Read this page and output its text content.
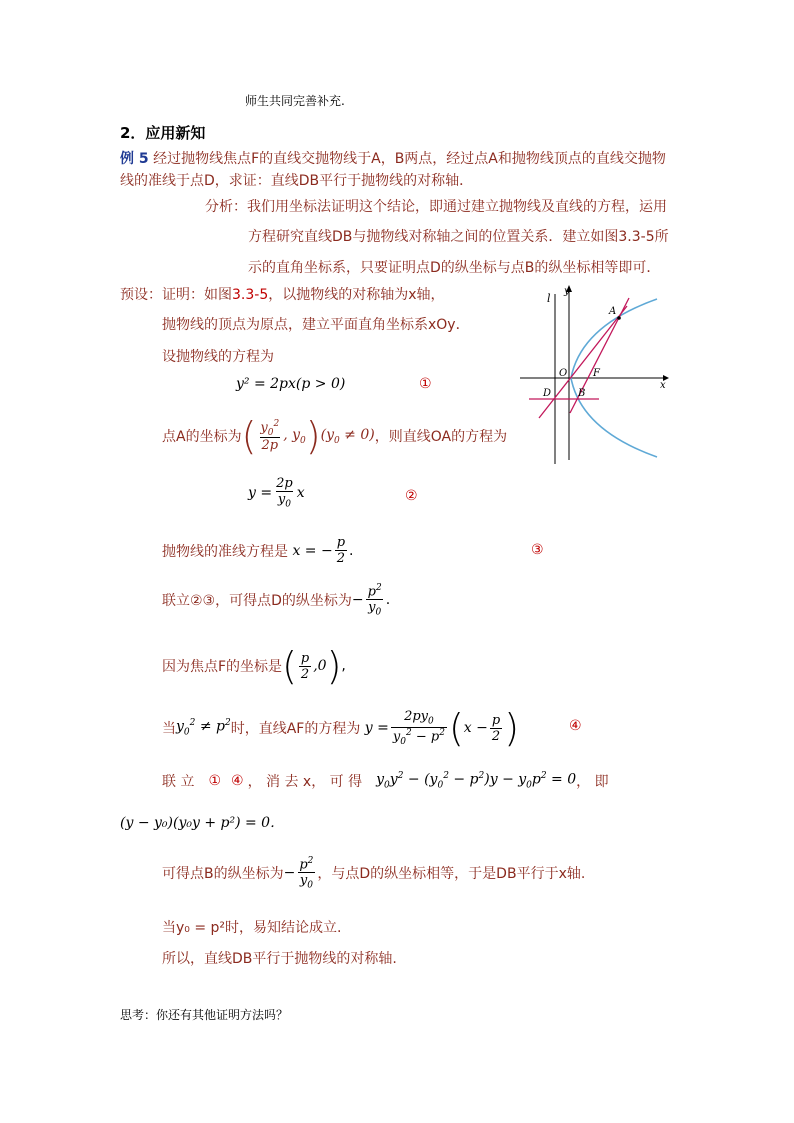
师生共同完善补充.
2．应用新知
例 5 经过抛物线焦点F的直线交抛物线于A，B两点，经过点A和抛物线顶点的直线交抛物
线的准线于点D，求证：直线DB平行于抛物线的对称轴．
分析：我们用坐标法证明这个结论，即通过建立抛物线及直线的方程，运用
方程研究直线DB与抛物线对称轴之间的位置关系．建立如图3.3-5所
示的直角坐标系，只要证明点D的纵坐标与点B的纵坐标相等即可．
预设：证明：如图3.3-5，以抛物线的对称轴为x轴，
抛物线的顶点为原点，建立平面直角坐标系xOy．
设抛物线的方程为
y² = 2px(p > 0)	①
点A的坐标为 ( $\frac{y_0^2}{2p}$ , $y_0$ ) $(y_0 \ne 0)$ ，则直线OA的方程为
$y = \frac{2p}{y_0}$ x	②
抛物线的准线方程是 x = − $\frac{p}{2}$ .	③
联立②③，可得点D的纵坐标为 − $\frac{p^2}{y_0}$ .
因为焦点F的坐标是 ( $\frac{p}{2} ,0$ ) ,
当 $y_0^2 \ne p^2$ 时，直线AF的方程为 $y = \frac{2py_0}{y_0^2 - p^2}$ ( $x - \frac{p}{2}$ )	④
联 立 ① ④ ， 消 去 x， 可 得 $y_0y^2 - (y_0^2 - p^2)y - y_0p^2 = 0$ ， 即
(y − y₀)(y₀y + p²) = 0．
可得点B的纵坐标为 − $\frac{p^2}{y_0}$ ，与点D的纵坐标相等，于是DB平行于x轴.
当y₀ = p²时，易知结论成立.
所以，直线DB平行于抛物线的对称轴.
思考：你还有其他证明方法吗？
l
y
x
A
O	F
D	B
